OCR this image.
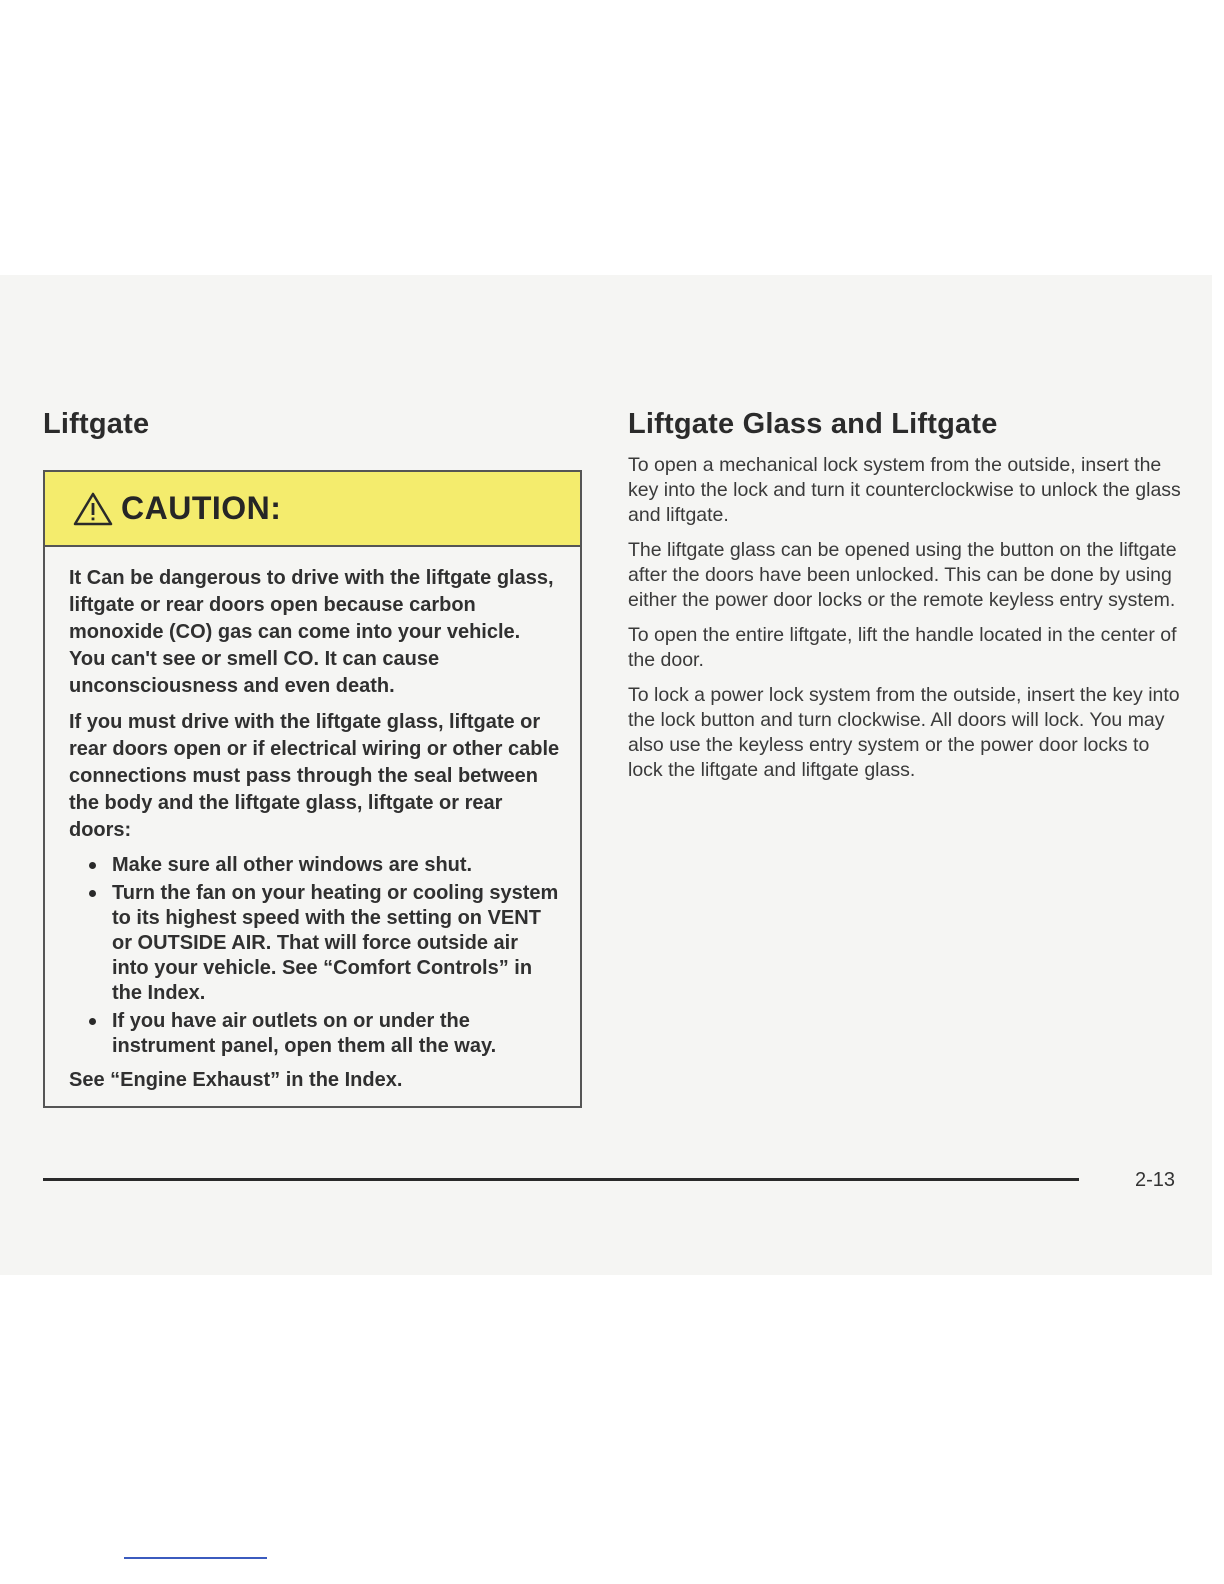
Liftgate
CAUTION:

It Can be dangerous to drive with the liftgate glass, liftgate or rear doors open because carbon monoxide (CO) gas can come into your vehicle. You can't see or smell CO. It can cause unconsciousness and even death.

If you must drive with the liftgate glass, liftgate or rear doors open or if electrical wiring or other cable connections must pass through the seal between the body and the liftgate glass, liftgate or rear doors:

Make sure all other windows are shut.
Turn the fan on your heating or cooling system to its highest speed with the setting on VENT or OUTSIDE AIR. That will force outside air into your vehicle. See “Comfort Controls” in the Index.
If you have air outlets on or under the instrument panel, open them all the way.

See “Engine Exhaust” in the Index.

Liftgate Glass and Liftgate

To open a mechanical lock system from the outside, insert the key into the lock and turn it counterclockwise to unlock the glass and liftgate.

The liftgate glass can be opened using the button on the liftgate after the doors have been unlocked. This can be done by using either the power door locks or the remote keyless entry system.

To open the entire liftgate, lift the handle located in the center of the door.

To lock a power lock system from the outside, insert the key into the lock button and turn clockwise. All doors will lock. You may also use the keyless entry system or the power door locks to lock the liftgate and liftgate glass.

2-13
